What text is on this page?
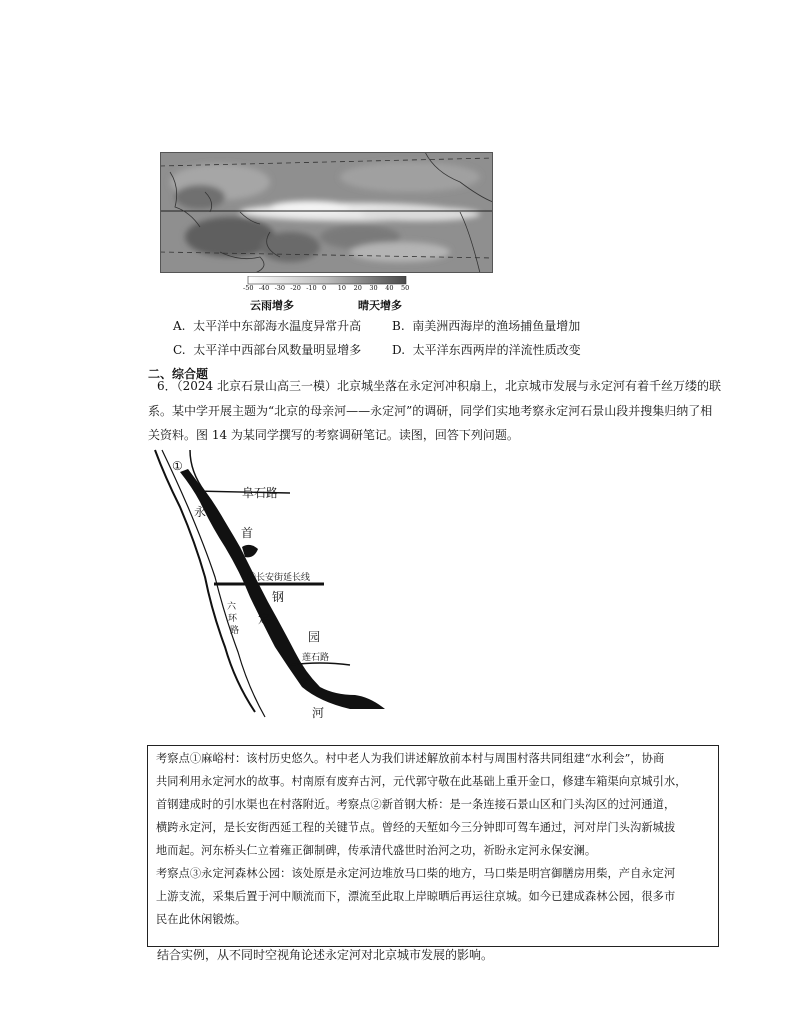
-50 -40 -30 -20 -10 0 10 20 30 40 50
云雨增多	晴天增多
A. 太平洋中东部海水温度异常升高	B. 南美洲西海岸的渔场捕鱼量增加
C. 太平洋中西部台风数量明显增多	D. 太平洋东西两岸的洋流性质改变
二、综合题
6．（2024 北京石景山高三一模）北京城坐落在永定河冲积扇上，北京城市发展与永定河有着千丝万缕的联
系。某中学开展主题为“北京的母亲河——永定河”的调研，同学们实地考察永定河石景山段并搜集归纳了相
关资料。图 14 为某同学撰写的考察调研笔记。读图，回答下列问题。
①
阜石路
永
首
②长安街延长线
钢
六
环
路
定
园
莲石路
③
河
考察点①麻峪村：该村历史悠久。村中老人为我们讲述解放前本村与周围村落共同组建“水利会”，协商
共同利用永定河水的故事。村南原有废弃古河，元代郭守敬在此基础上重开金口，修建车箱渠向京城引水，
首钢建成时的引水渠也在村落附近。考察点②新首钢大桥：是一条连接石景山区和门头沟区的过河通道，
横跨永定河，是长安街西延工程的关键节点。曾经的天堑如今三分钟即可驾车通过，河对岸门头沟新城拔
地而起。河东桥头仁立着雍正御制碑，传承清代盛世时治河之功，祈盼永定河永保安澜。
考察点③永定河森林公园：该处原是永定河边堆放马口柴的地方，马口柴是明宫御膳房用柴，产自永定河
上游支流，采集后置于河中顺流而下，漂流至此取上岸晾晒后再运往京城。如今已建成森林公园，很多市
民在此休闲锻炼。
结合实例，从不同时空视角论述永定河对北京城市发展的影响。
